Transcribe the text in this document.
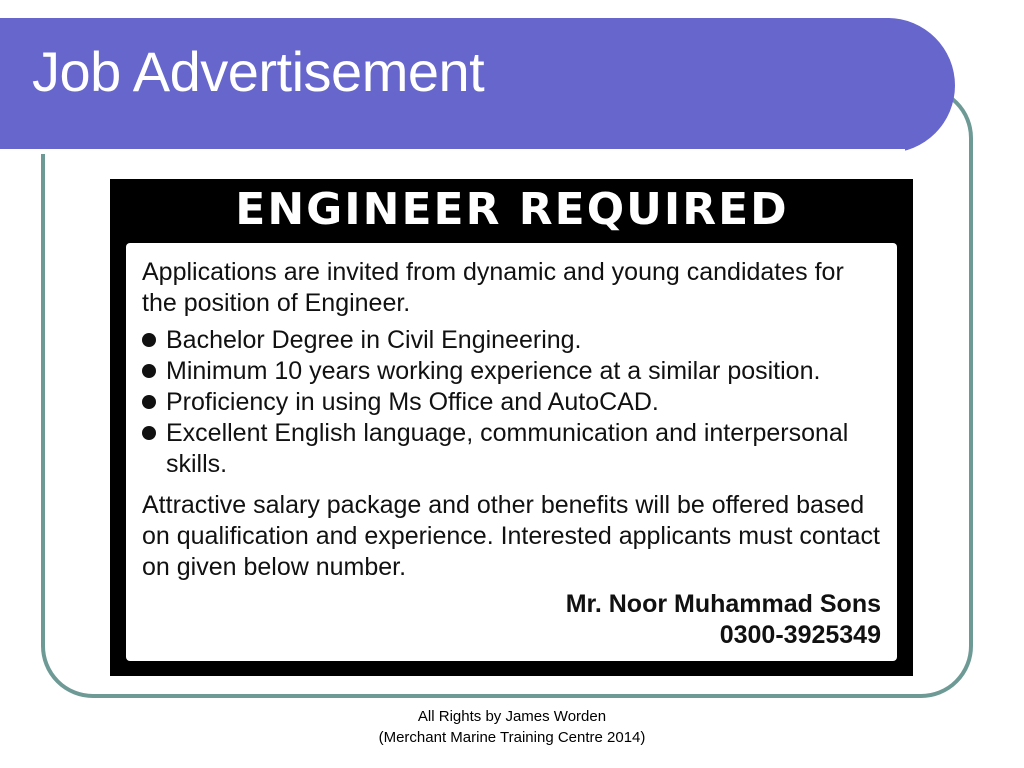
Job Advertisement
ENGINEER REQUIRED

Applications are invited from dynamic and young candidates for the position of Engineer.

Bachelor Degree in Civil Engineering.
Minimum 10 years working experience at a similar position.
Proficiency in using Ms Office and AutoCAD.
Excellent English language, communication and interpersonal skills.

Attractive salary package and other benefits will be offered based on qualification and experience. Interested applicants must contact on given below number.

Mr. Noor Muhammad Sons
0300-3925349
All Rights by James Worden
(Merchant Marine Training Centre 2014)
